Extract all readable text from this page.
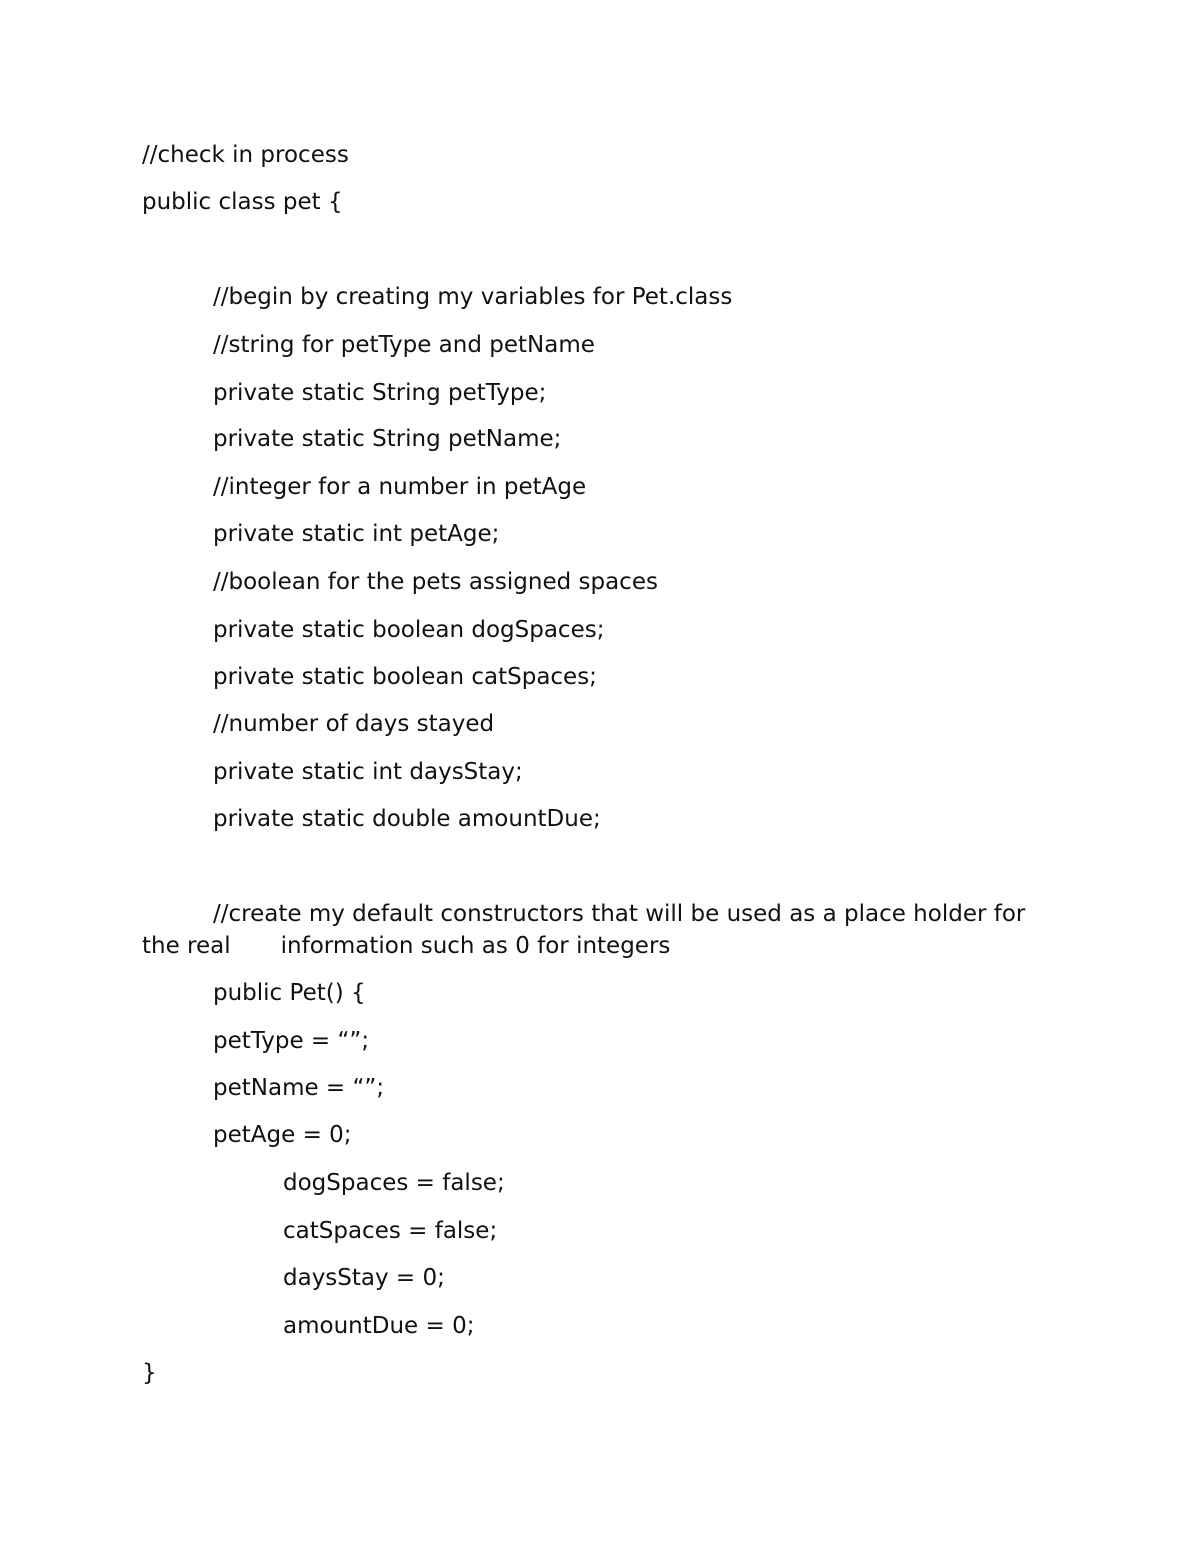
//check in process
public class pet {
//begin by creating my variables for Pet.class
//string for petType and petName
private static String petType;
private static String petName;
//integer for a number in petAge
private static int petAge;
//boolean for the pets assigned spaces
private static boolean dogSpaces;
private static boolean catSpaces;
//number of days stayed
private static int daysStay;
private static double amountDue;
//create my default constructors that will be used as a place holder for
the real information such as 0 for integers
public Pet() {
petType = “”;
petName = “”;
petAge = 0;
dogSpaces = false;
catSpaces = false;
daysStay = 0;
amountDue = 0;
}
